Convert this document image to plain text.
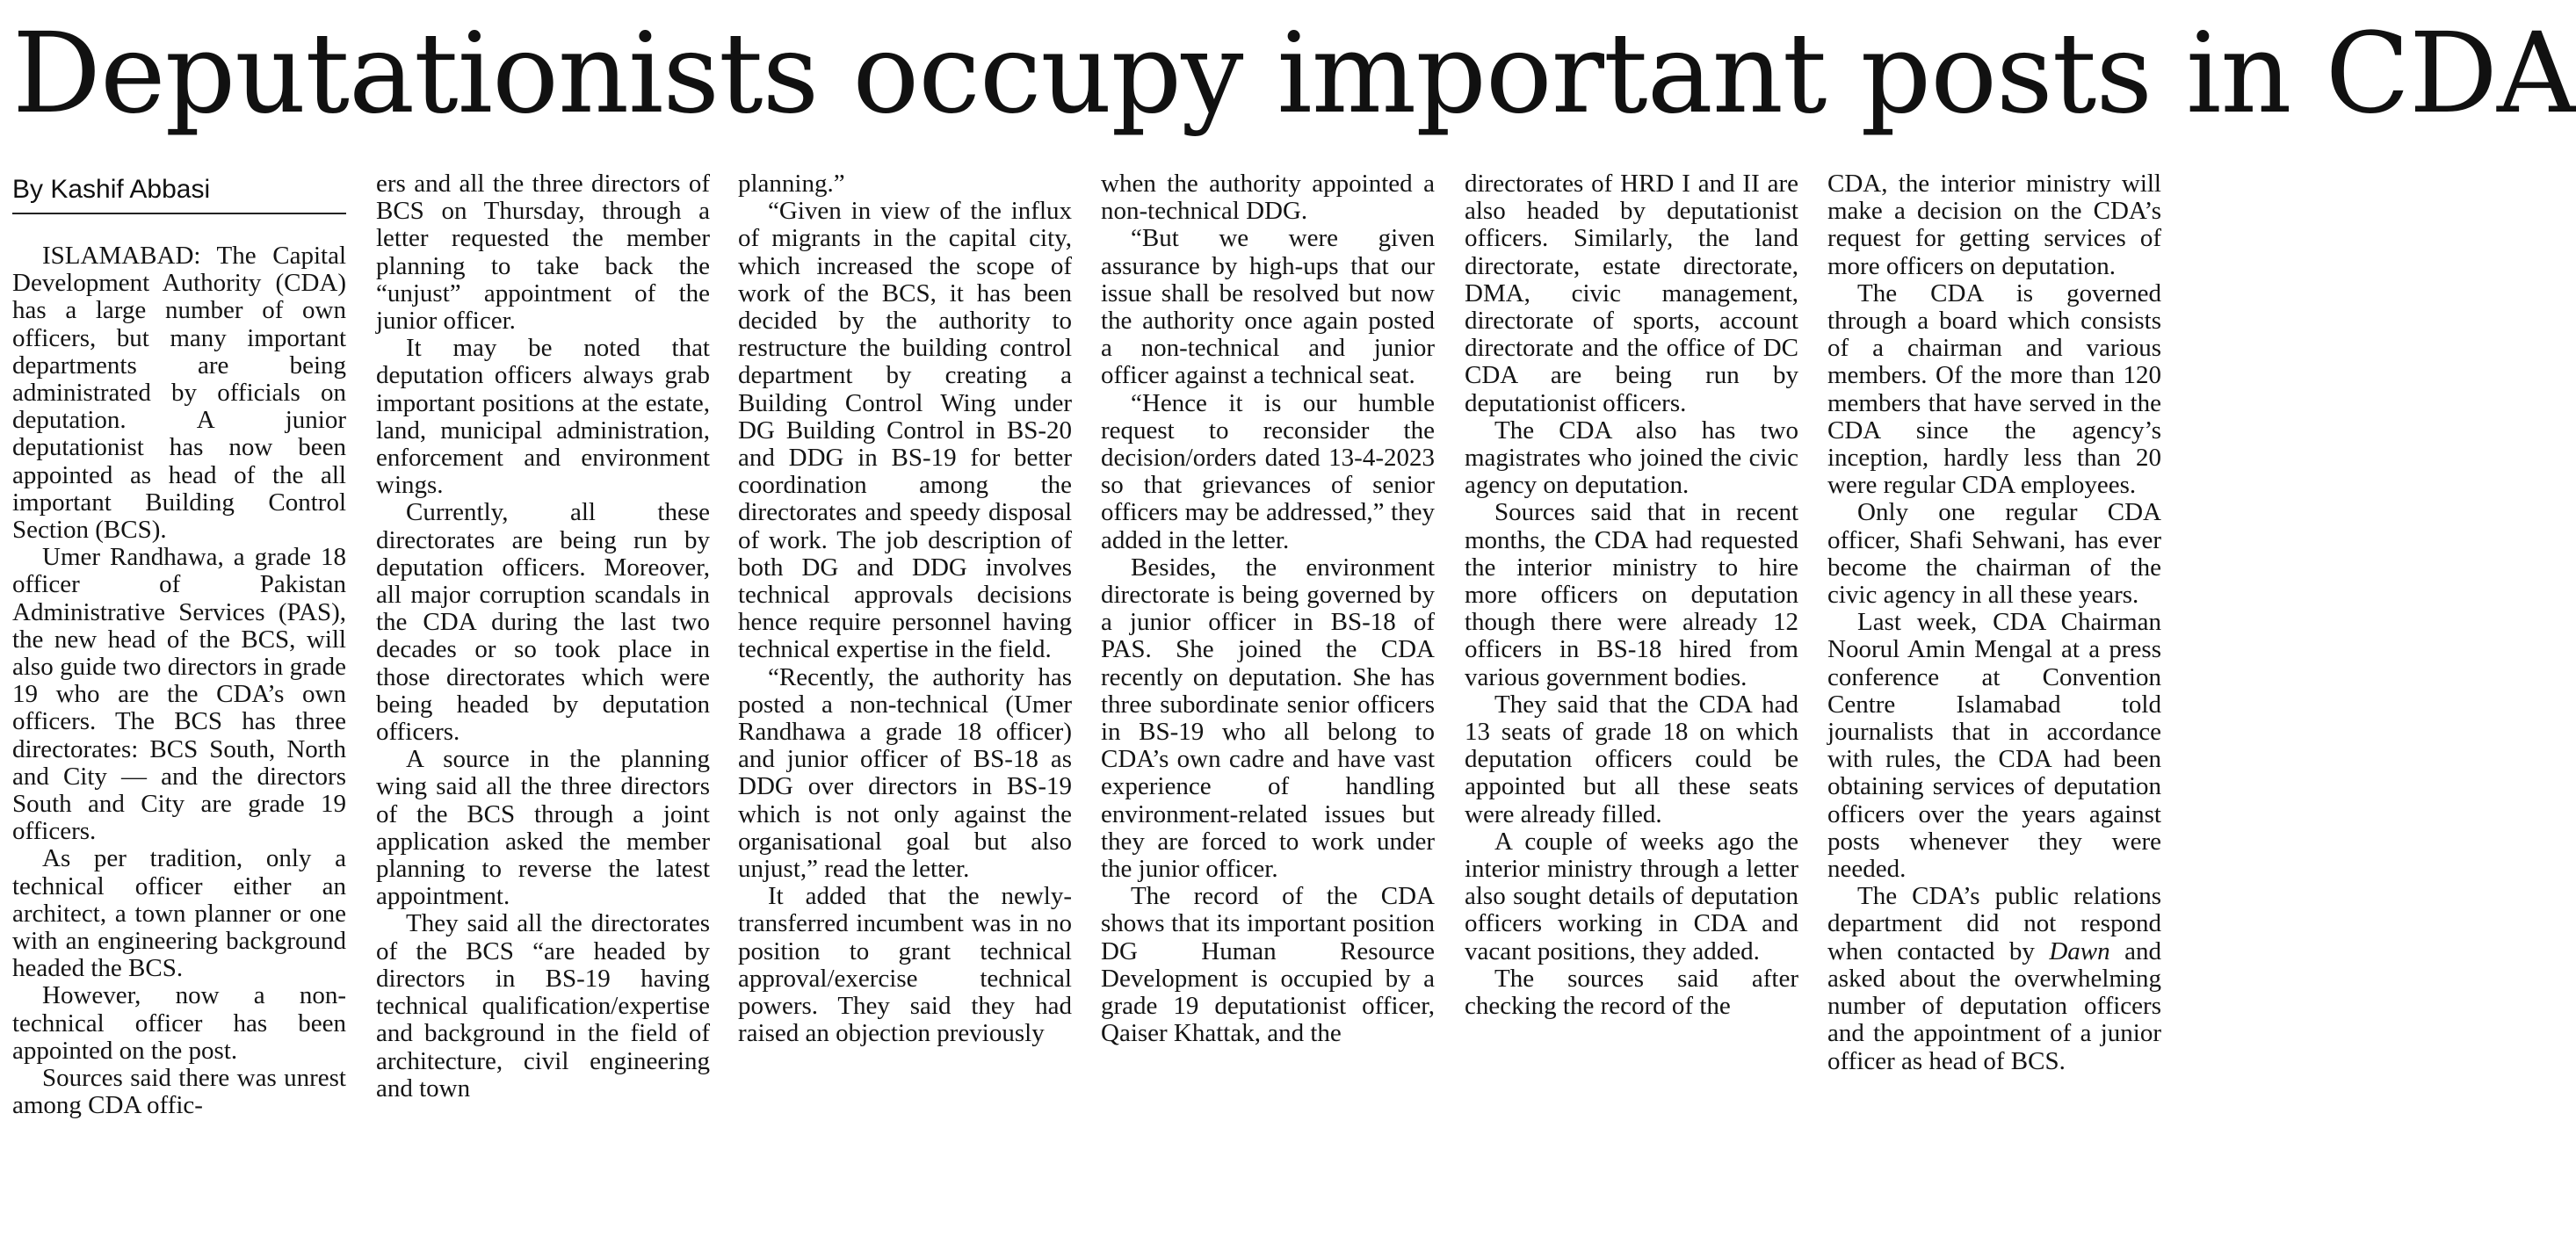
Deputationists occupy important posts in CDA
By Kashif Abbasi

ISLAMABAD: The Capital Development Authority (CDA) has a large number of own officers, but many important departments are being administrated by officials on deputation. A junior deputationist has now been appointed as head of the all important Building Control Section (BCS).

Umer Randhawa, a grade 18 officer of Pakistan Administrative Services (PAS), the new head of the BCS, will also guide two directors in grade 19 who are the CDA’s own officers. The BCS has three directorates: BCS South, North and City — and the directors South and City are grade 19 officers.

As per tradition, only a technical officer either an architect, a town planner or one with an engineering background headed the BCS.

However, now a non-technical officer has been appointed on the post.

Sources said there was unrest among CDA offic-

ers and all the three directors of BCS on Thursday, through a letter requested the member planning to take back the “unjust” appointment of the junior officer.

It may be noted that deputation officers always grab important positions at the estate, land, municipal administration, enforcement and environment wings.

Currently, all these directorates are being run by deputation officers. Moreover, all major corruption scandals in the CDA during the last two decades or so took place in those directorates which were being headed by deputation officers.

A source in the planning wing said all the three directors of the BCS through a joint application asked the member planning to reverse the latest appointment.

They said all the directorates of the BCS “are headed by directors in BS-19 having technical qualification/expertise and background in the field of architecture, civil engineering and town

planning.”

“Given in view of the influx of migrants in the capital city, which increased the scope of work of the BCS, it has been decided by the authority to restructure the building control department by creating a Building Control Wing under DG Building Control in BS-20 and DDG in BS-19 for better coordination among the directorates and speedy disposal of work. The job description of both DG and DDG involves technical approvals decisions hence require personnel having technical expertise in the field.

“Recently, the authority has posted a non-technical (Umer Randhawa a grade 18 officer) and junior officer of BS-18 as DDG over directors in BS-19 which is not only against the organisational goal but also unjust,” read the letter.

It added that the newly-transferred incumbent was in no position to grant technical approval/exercise technical powers. They said they had raised an objection previously

when the authority appointed a non-technical DDG.

“But we were given assurance by high-ups that our issue shall be resolved but now the authority once again posted a non-technical and junior officer against a technical seat.

“Hence it is our humble request to reconsider the decision/orders dated 13-4-2023 so that grievances of senior officers may be addressed,” they added in the letter.

Besides, the environment directorate is being governed by a junior officer in BS-18 of PAS. She joined the CDA recently on deputation. She has three subordinate senior officers in BS-19 who all belong to CDA’s own cadre and have vast experience of handling environment-related issues but they are forced to work under the junior officer.

The record of the CDA shows that its important position DG Human Resource Development is occupied by a grade 19 deputationist officer, Qaiser Khattak, and the

directorates of HRD I and II are also headed by deputationist officers. Similarly, the land directorate, estate directorate, DMA, civic management, directorate of sports, account directorate and the office of DC CDA are being run by deputationist officers.

The CDA also has two magistrates who joined the civic agency on deputation.

Sources said that in recent months, the CDA had requested the interior ministry to hire more officers on deputation though there were already 12 officers in BS-18 hired from various government bodies.

They said that the CDA had 13 seats of grade 18 on which deputation officers could be appointed but all these seats were already filled.

A couple of weeks ago the interior ministry through a letter also sought details of deputation officers working in CDA and vacant positions, they added.

The sources said after checking the record of the

CDA, the interior ministry will make a decision on the CDA’s request for getting services of more officers on deputation.

The CDA is governed through a board which consists of a chairman and various members. Of the more than 120 members that have served in the CDA since the agency’s inception, hardly less than 20 were regular CDA employees.

Only one regular CDA officer, Shafi Sehwani, has ever become the chairman of the civic agency in all these years.

Last week, CDA Chairman Noorul Amin Mengal at a press conference at Convention Centre Islamabad told journalists that in accordance with rules, the CDA had been obtaining services of deputation officers over the years against posts whenever they were needed.

The CDA’s public relations department did not respond when contacted by Dawn and asked about the overwhelming number of deputation officers and the appointment of a junior officer as head of BCS.
